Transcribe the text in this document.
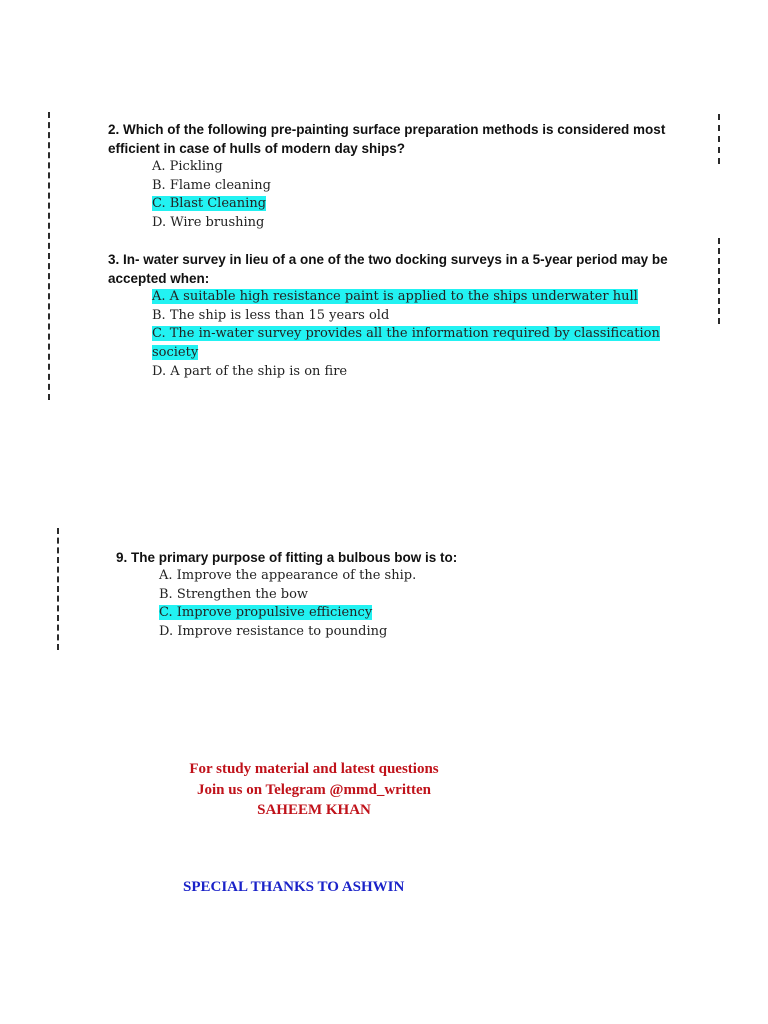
2. Which of the following pre-painting surface preparation methods is considered most
efficient in case of hulls of modern day ships?
A. Pickling
B. Flame cleaning
C. Blast Cleaning
D. Wire brushing
3. In- water survey in lieu of a one of the two docking surveys in a 5-year period may be
accepted when:
A. A suitable high resistance paint is applied to the ships underwater hull
B. The ship is less than 15 years old
C. The in-water survey provides all the information required by classification
society
D. A part of the ship is on fire
9. The primary purpose of fitting a bulbous bow is to:
A. Improve the appearance of the ship.
B. Strengthen the bow
C. Improve propulsive efficiency
D. Improve resistance to pounding
For study material and latest questions
Join us on Telegram @mmd_written
SAHEEM KHAN
SPECIAL THANKS TO ASHWIN
